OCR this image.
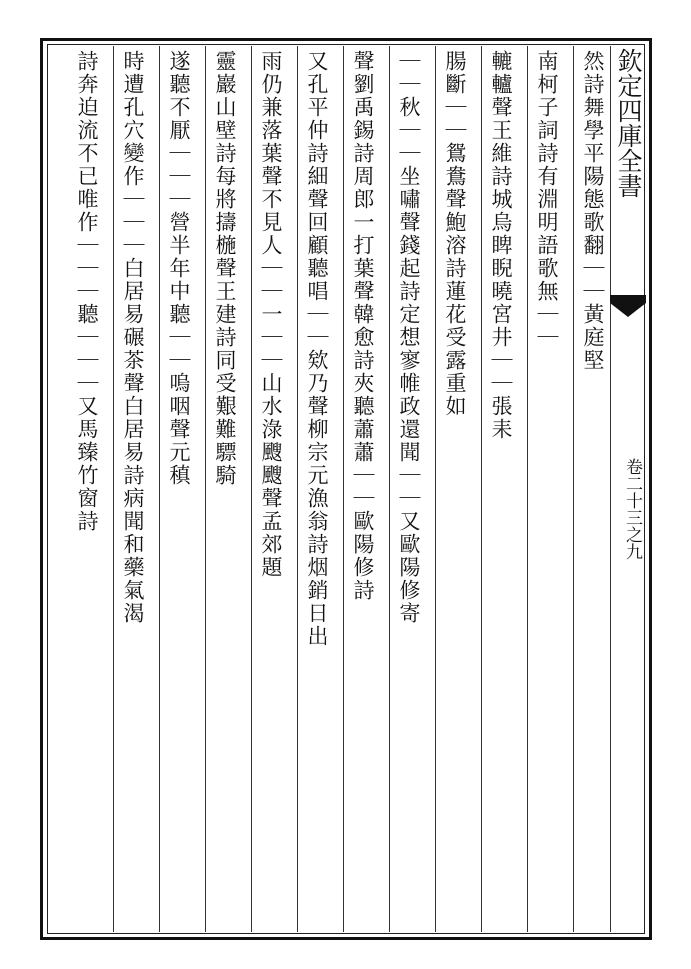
欽定四庫全書
卷二十三之九
然詩舞學平陽態歌翻｜｜黃庭堅
南柯子詞詩有淵明語歌無｜｜
轆轤聲王維詩城烏睥睨曉宮井｜｜張耒
腸斷｜｜鴛鴦聲鮑溶詩蓮花受露重如
｜｜秋｜｜坐嘯聲錢起詩定想寥帷政還聞｜｜又歐陽修寄
聲劉禹錫詩周郎一打葉聲韓愈詩夾聽蕭蕭｜｜歐陽修詩
又孔平仲詩細聲回顧聽唱｜｜欸乃聲柳宗元漁翁詩烟銷日出
雨仍兼落葉聲不見人｜｜一｜｜山水淥颼颼聲孟郊題
靈巖山壁詩每將擣椸聲王建詩同受艱難驃騎
遂聽不厭｜｜｜營半年中聽｜｜嗚咽聲元稹
時遭孔穴變作｜｜｜白居易碾茶聲白居易詩病聞和藥氣渴
詩奔迫流不已唯作｜｜｜聽｜｜｜又馬臻竹窗詩
